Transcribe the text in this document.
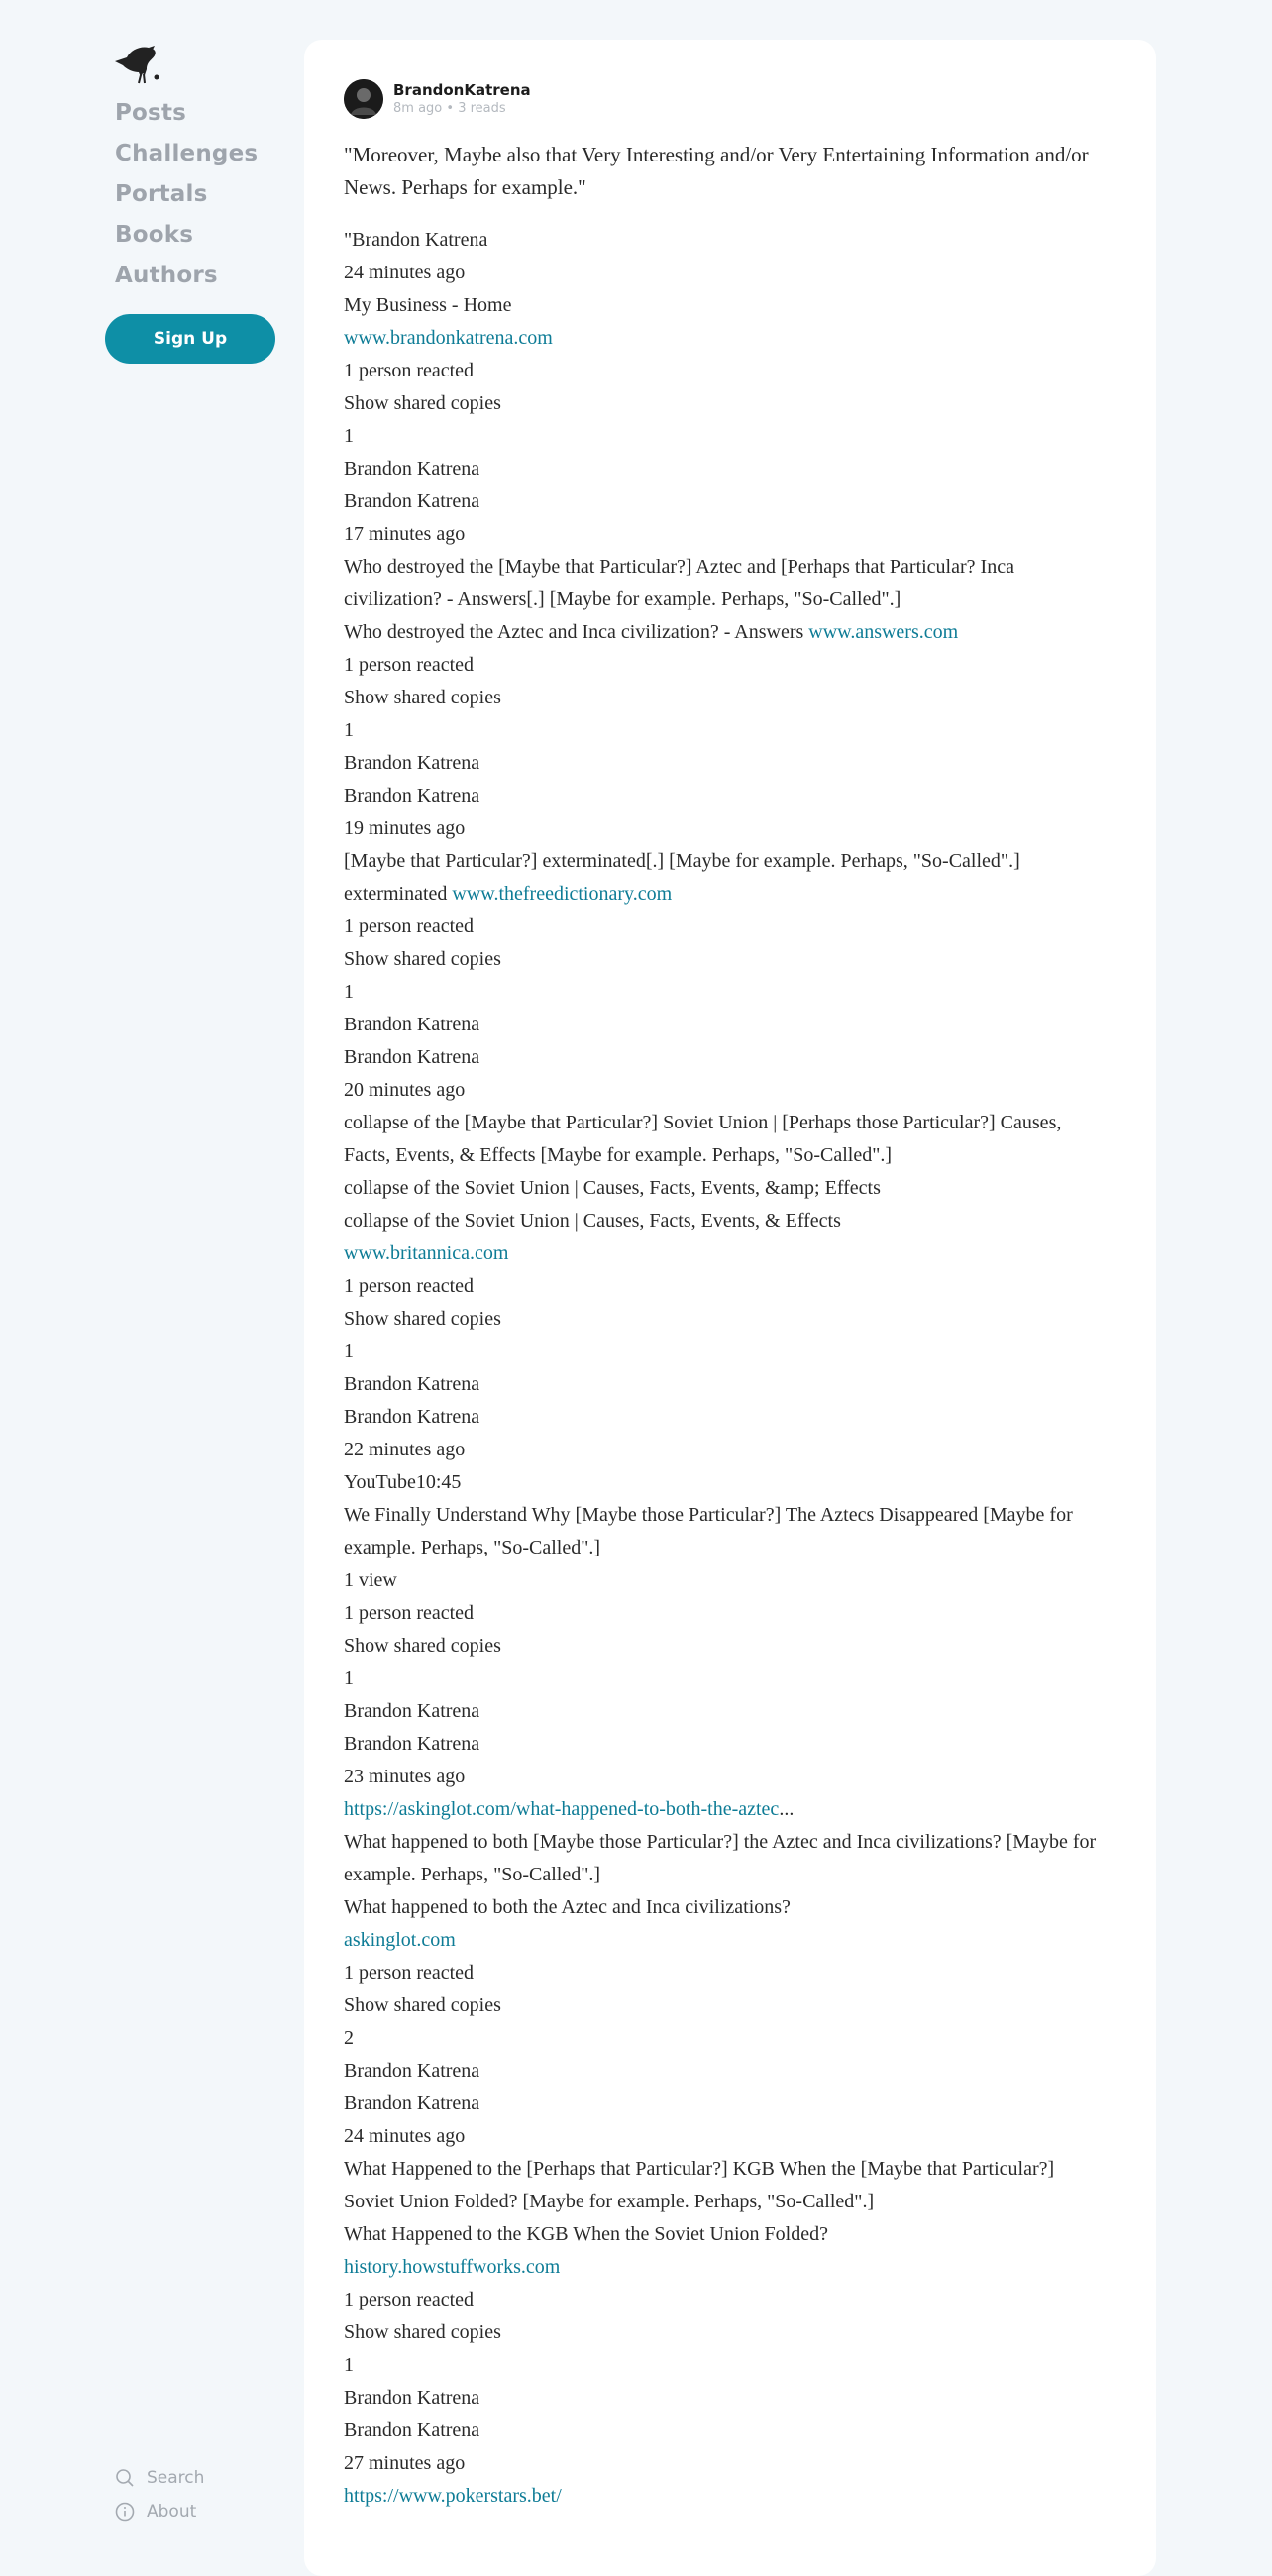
Posts
Challenges
Portals
Books
Authors
Sign Up
Search
About
BrandonKatrena
8m ago • 3 reads
"Moreover, Maybe also that Very Interesting and/or Very Entertaining Information and/or News. Perhaps for example."
"Brandon Katrena
24 minutes ago
My Business - Home
www.brandonkatrena.com
1 person reacted
Show shared copies
1
Brandon Katrena
Brandon Katrena
17 minutes ago
Who destroyed the [Maybe that Particular?] Aztec and [Perhaps that Particular? Inca civilization? - Answers[.] [Maybe for example. Perhaps, "So-Called".]
Who destroyed the Aztec and Inca civilization? - Answers www.answers.com
1 person reacted
Show shared copies
1
Brandon Katrena
Brandon Katrena
19 minutes ago
[Maybe that Particular?] exterminated[.] [Maybe for example. Perhaps, "So-Called".] exterminated www.thefreedictionary.com
1 person reacted
Show shared copies
1
Brandon Katrena
Brandon Katrena
20 minutes ago
collapse of the [Maybe that Particular?] Soviet Union | [Perhaps those Particular?] Causes, Facts, Events, & Effects [Maybe for example. Perhaps, "So-Called".]
collapse of the Soviet Union | Causes, Facts, Events, &amp; Effects
collapse of the Soviet Union | Causes, Facts, Events, & Effects
www.britannica.com
1 person reacted
Show shared copies
1
Brandon Katrena
Brandon Katrena
22 minutes ago
YouTube10:45
We Finally Understand Why [Maybe those Particular?] The Aztecs Disappeared [Maybe for example. Perhaps, "So-Called".]
1 view
1 person reacted
Show shared copies
1
Brandon Katrena
Brandon Katrena
23 minutes ago
https://askinglot.com/what-happened-to-both-the-aztec...
What happened to both [Maybe those Particular?] the Aztec and Inca civilizations? [Maybe for example. Perhaps, "So-Called".]
What happened to both the Aztec and Inca civilizations?
askinglot.com
1 person reacted
Show shared copies
2
Brandon Katrena
Brandon Katrena
24 minutes ago
What Happened to the [Perhaps that Particular?] KGB When the [Maybe that Particular?] Soviet Union Folded? [Maybe for example. Perhaps, "So-Called".]
What Happened to the KGB When the Soviet Union Folded?
history.howstuffworks.com
1 person reacted
Show shared copies
1
Brandon Katrena
Brandon Katrena
27 minutes ago
https://www.pokerstars.bet/
